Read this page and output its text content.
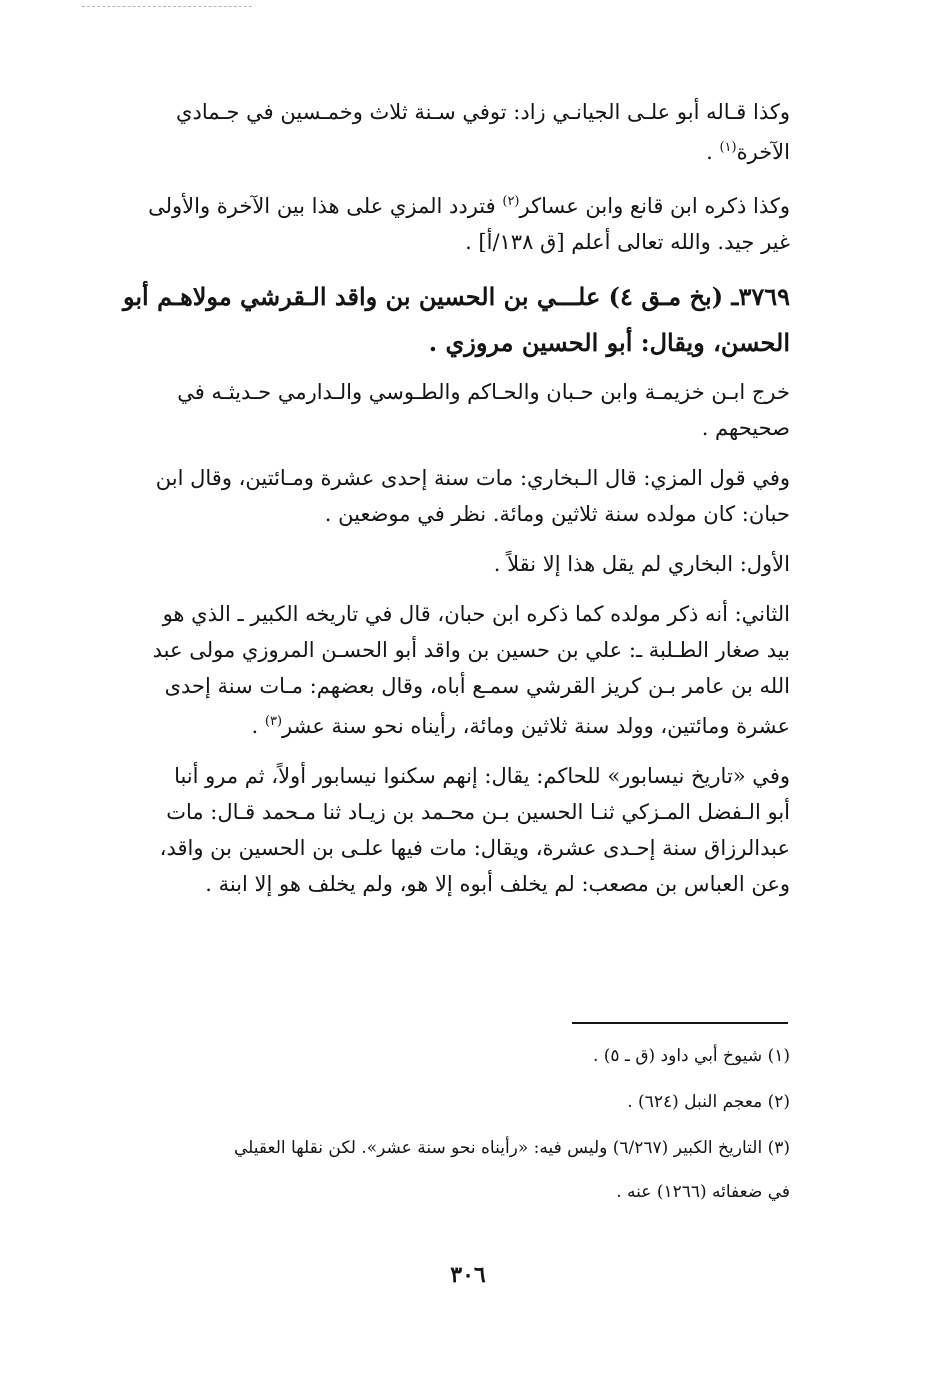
وكذا قـاله أبو علـى الجيانـي زاد: توفي سـنة ثلاث وخمـسين في جـمادي
الآخرة$^{(١)}$ .
وكذا ذكره ابن قانع وابن عساكر$^{(٢)}$ فتردد المزي على هذا بين الآخرة والأولى
غير جيد. والله تعالى أعلم [ق ١٣٨/أ] .
٣٧٦٩ـ (بخ مـق ٤) علـــي بن الحسين بن واقد الـقرشي مولاهـم أبو
الحسن، ويقال: أبو الحسين مروزي .
خرج ابـن خزيمـة وابن حـبان والحـاكم والطـوسي والـدارمي حـديثـه في
صحيحهم .
وفي قول المزي: قال الـبخاري: مات سنة إحدى عشرة ومـائتين، وقال ابن
حبان: كان مولده سنة ثلاثين ومائة. نظر في موضعين .
الأول: البخاري لم يقل هذا إلا نقلاً .
الثاني: أنه ذكر مولده كما ذكره ابن حبان، قال في تاريخه الكبير ـ الذي هو
بيد صغار الطـلبة ـ: علي بن حسين بن واقد أبو الحسـن المروزي مولى عبد
الله بن عامر بـن كريز القرشي سمـع أباه، وقال بعضهم: مـات سنة إحدى
عشرة ومائتين، وولد سنة ثلاثين ومائة، رأيناه نحو سنة عشر$^{(٣)}$ .
وفي «تاريخ نيسابور» للحاكم: يقال: إنهم سكنوا نيسابور أولاً، ثم مرو أنبا
أبو الـفضل المـزكي ثنـا الحسين بـن محـمد بن زيـاد ثنا مـحمد قـال: مات
عبدالرزاق سنة إحـدى عشرة، ويقال: مات فيها علـى بن الحسين بن واقد،
وعن العباس بن مصعب: لم يخلف أبوه إلا هو، ولم يخلف هو إلا ابنة .
(١) شيوخ أبي داود (ق ـ ٥) .
(٢) معجم النبل (٦٢٤) .
(٣) التاريخ الكبير (٦/٢٦٧) وليس فيه: «رأيناه نحو سنة عشر». لكن نقلها العقيلي
في ضعفائه (١٢٦٦) عنه .
٣٠٦
